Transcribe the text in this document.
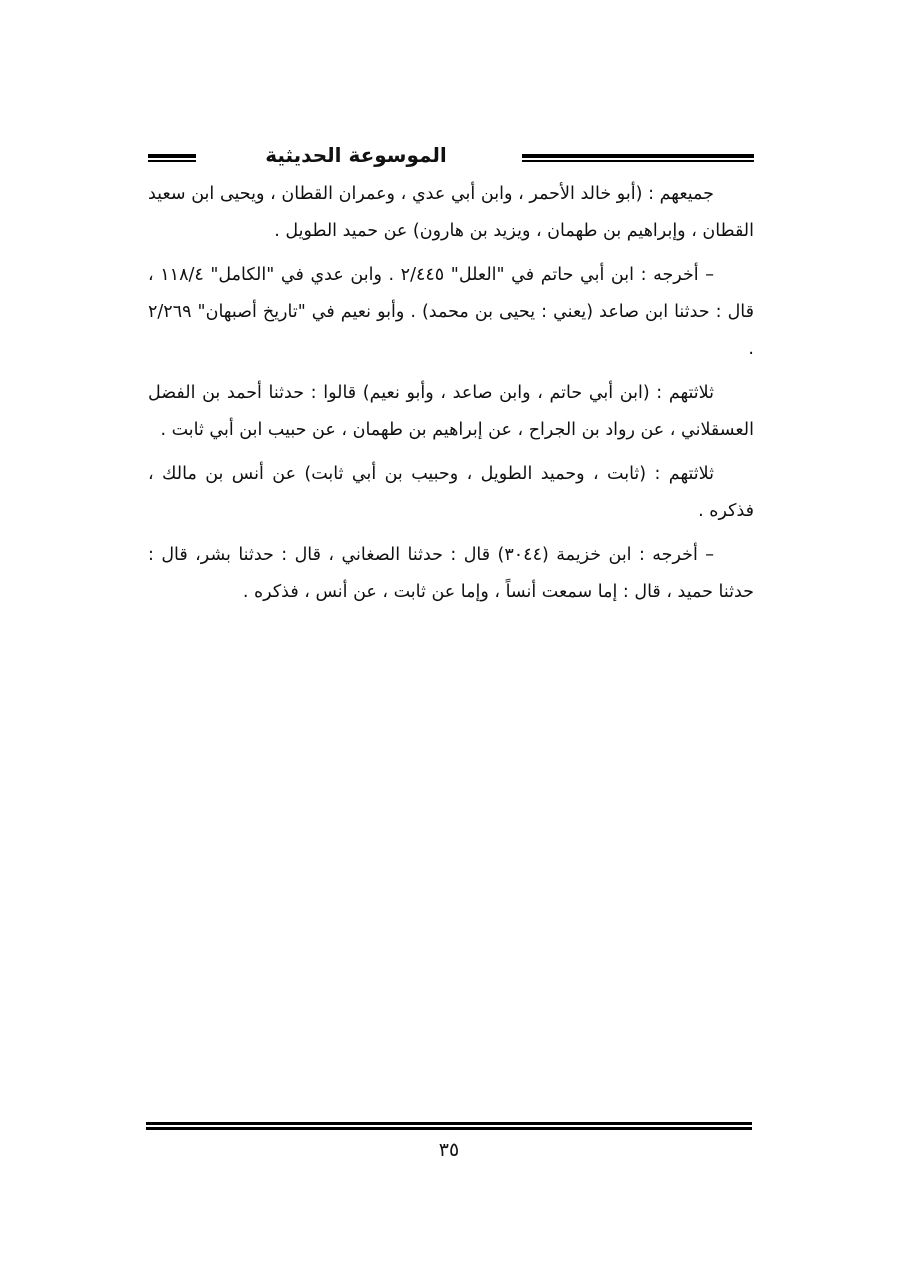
الموسوعة الحديثية

جميعهم : (أبو خالد الأحمر ، وابن أبي عدي ، وعمران القطان ، ويحيى ابن سعيد القطان ، وإبراهيم بن طهمان ، ويزيد بن هارون) عن حميد الطويل .

– أخرجه : ابن أبي حاتم في "العلل" ٢/٤٤٥ . وابن عدي في "الكامل" ١١٨/٤ ، قال : حدثنا ابن صاعد (يعني : يحيى بن محمد) . وأبو نعيم في "تاريخ أصبهان" ٢/٢٦٩ .

ثلاثتهم : (ابن أبي حاتم ، وابن صاعد ، وأبو نعيم) قالوا : حدثنا أحمد بن الفضل العسقلاني ، عن رواد بن الجراح ، عن إبراهيم بن طهمان ، عن حبيب ابن أبي ثابت .

ثلاثتهم : (ثابت ، وحميد الطويل ، وحبيب بن أبي ثابت) عن أنس بن مالك ، فذكره .

– أخرجه : ابن خزيمة (٣٠٤٤) قال : حدثنا الصغاني ، قال : حدثنا بشر، قال : حدثنا حميد ، قال : إما سمعت أنساً ، وإما عن ثابت ، عن أنس ، فذكره .

٣٥
